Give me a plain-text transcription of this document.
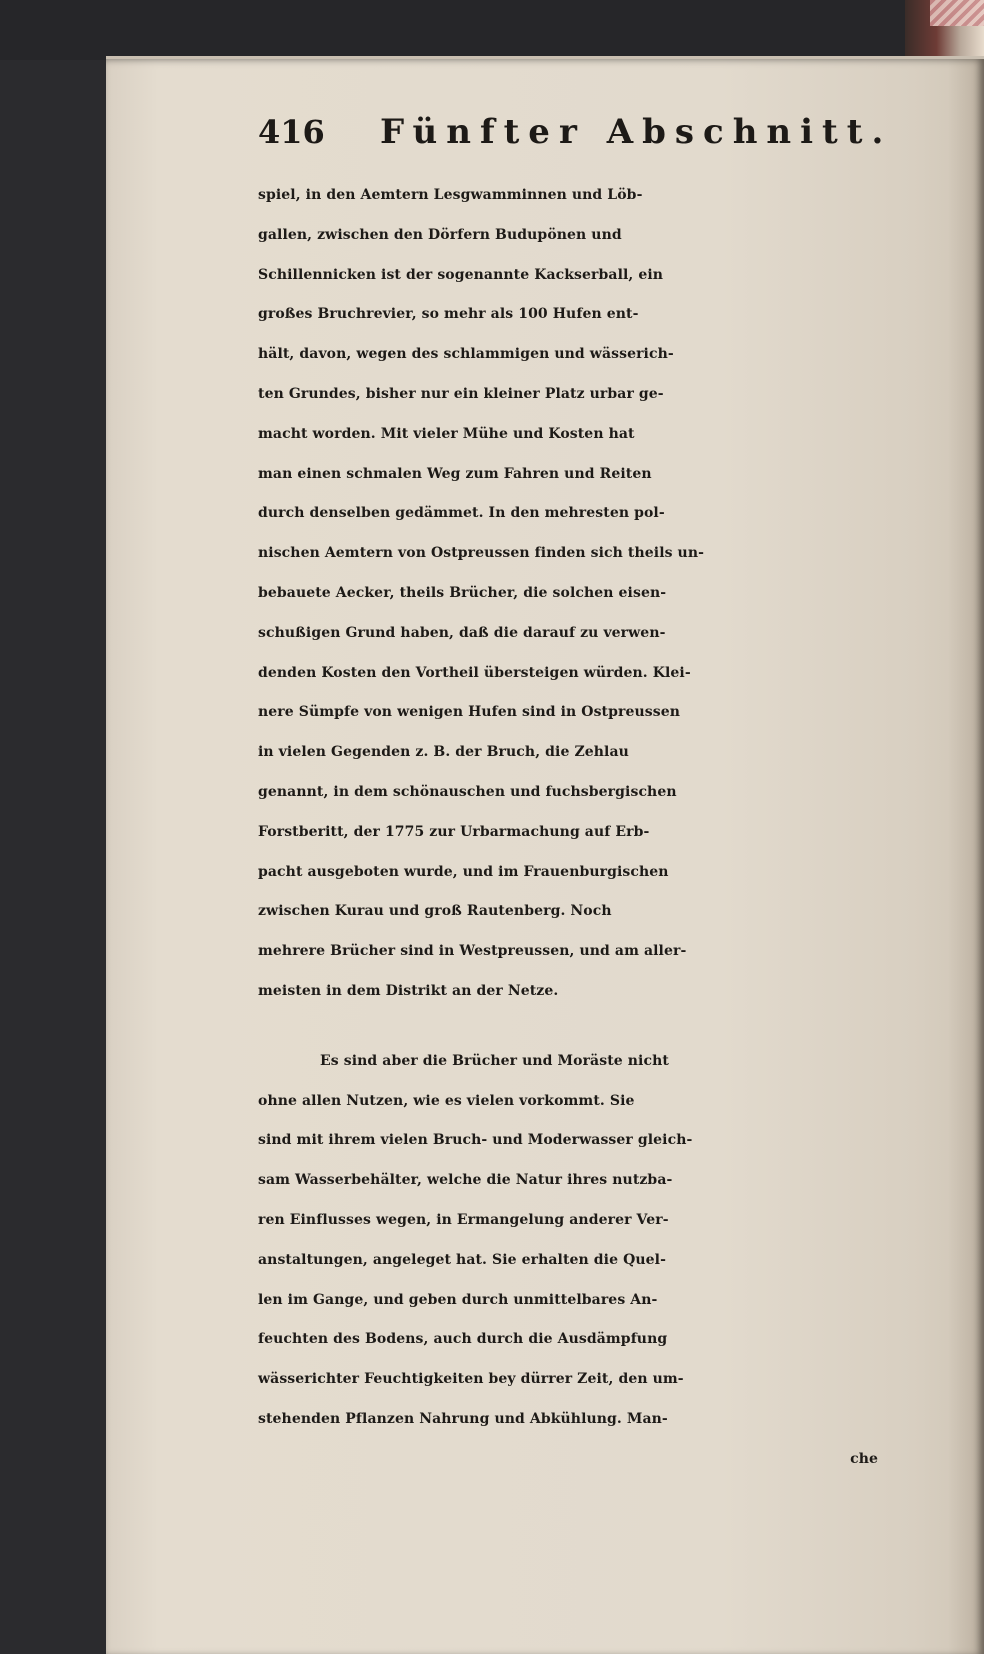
416	Fünfter Abschnitt.
spiel, in den Aemtern Lesgwamminnen und Löb-
gallen, zwischen den Dörfern Budupönen und
Schillennicken ist der sogenannte Kackserball, ein
großes Bruchrevier, so mehr als 100 Hufen ent-
hält, davon, wegen des schlammigen und wässerich-
ten Grundes, bisher nur ein kleiner Platz urbar ge-
macht worden. Mit vieler Mühe und Kosten hat
man einen schmalen Weg zum Fahren und Reiten
durch denselben gedämmet. In den mehresten pol-
nischen Aemtern von Ostpreussen finden sich theils un-
bebauete Aecker, theils Brücher, die solchen eisen-
schußigen Grund haben, daß die darauf zu verwen-
denden Kosten den Vortheil übersteigen würden. Klei-
nere Sümpfe von wenigen Hufen sind in Ostpreussen
in vielen Gegenden z. B. der Bruch, die Zehlau
genannt, in dem schönauschen und fuchsbergischen
Forstberitt, der 1775 zur Urbarmachung auf Erb-
pacht ausgeboten wurde, und im Frauenburgischen
zwischen Kurau und groß Rautenberg. Noch
mehrere Brücher sind in Westpreussen, und am aller-
meisten in dem Distrikt an der Netze.
Es sind aber die Brücher und Moräste nicht
ohne allen Nutzen, wie es vielen vorkommt. Sie
sind mit ihrem vielen Bruch- und Moderwasser gleich-
sam Wasserbehälter, welche die Natur ihres nutzba-
ren Einflusses wegen, in Ermangelung anderer Ver-
anstaltungen, angeleget hat. Sie erhalten die Quel-
len im Gange, und geben durch unmittelbares An-
feuchten des Bodens, auch durch die Ausdämpfung
wässerichter Feuchtigkeiten bey dürrer Zeit, den um-
stehenden Pflanzen Nahrung und Abkühlung. Man-
che
